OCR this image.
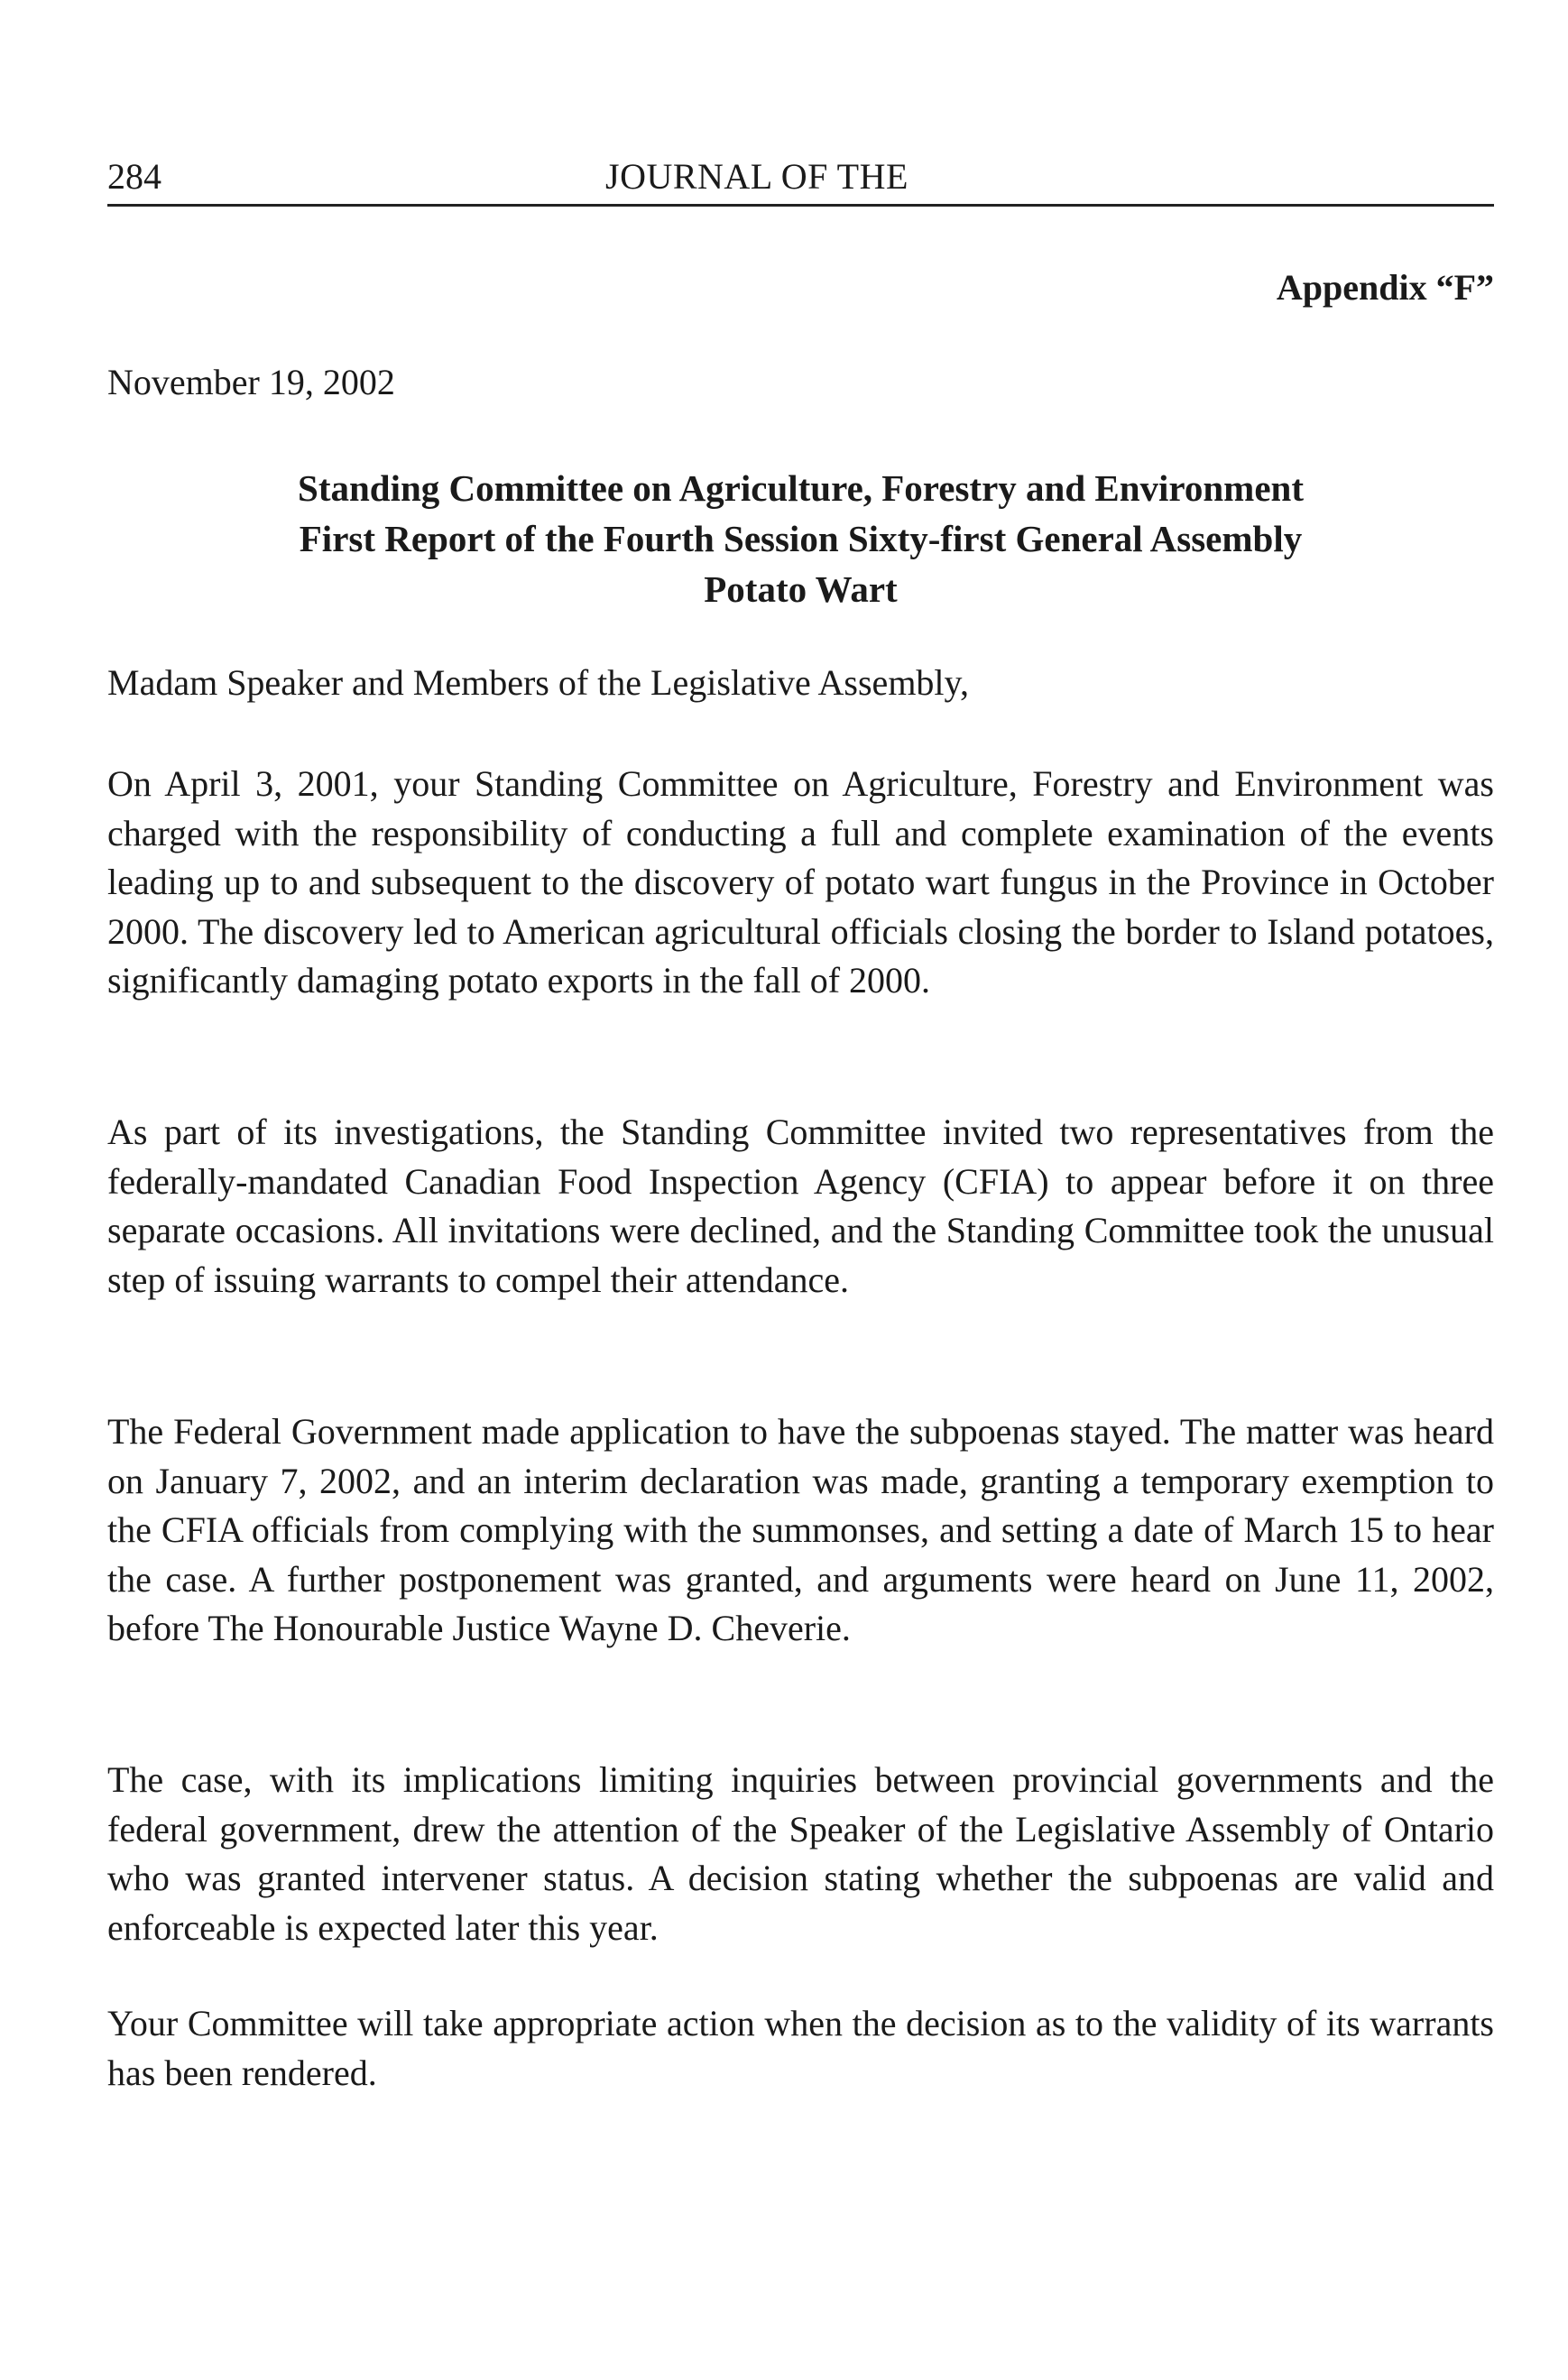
284	JOURNAL OF THE
Appendix “F”
November 19, 2002
Standing Committee on Agriculture, Forestry and Environment
First Report of the Fourth Session Sixty-first General Assembly
Potato Wart
Madam Speaker and Members of the Legislative Assembly,

On April 3, 2001, your Standing Committee on Agriculture, Forestry and Environment was charged with the responsibility of conducting a full and complete examination of the events leading up to and subsequent to the discovery of potato wart fungus in the Province in October 2000. The discovery led to American agricultural officials closing the border to Island potatoes, significantly damaging potato exports in the fall of 2000.

As part of its investigations, the Standing Committee invited two representatives from the federally-mandated Canadian Food Inspection Agency (CFIA) to appear before it on three separate occasions. All invitations were declined, and the Standing Committee took the unusual step of issuing warrants to compel their attendance.

The Federal Government made application to have the subpoenas stayed. The matter was heard on January 7, 2002, and an interim declaration was made, granting a temporary exemption to the CFIA officials from complying with the summonses, and setting a date of March 15 to hear the case. A further postponement was granted, and arguments were heard on June 11, 2002, before The Honourable Justice Wayne D. Cheverie.

The case, with its implications limiting inquiries between provincial governments and the federal government, drew the attention of the Speaker of the Legislative Assembly of Ontario who was granted intervener status. A decision stating whether the subpoenas are valid and enforceable is expected later this year.

Your Committee will take appropriate action when the decision as to the validity of its warrants has been rendered.
